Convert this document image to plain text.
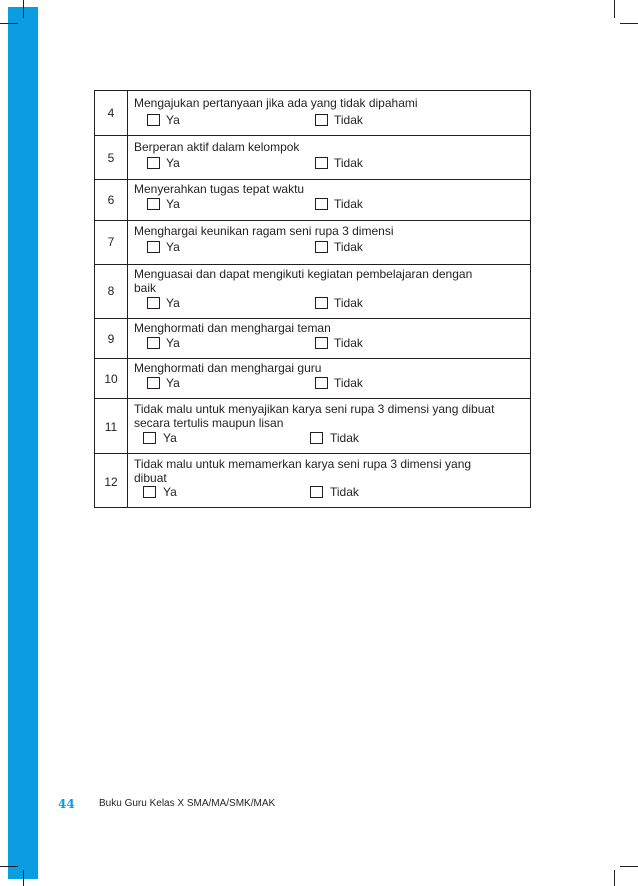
4
Mengajukan pertanyaan jika ada yang tidak dipahami
Ya	Tidak
5
Berperan aktif dalam kelompok
Ya	Tidak
6
Menyerahkan tugas tepat waktu
Ya	Tidak
7
Menghargai keunikan ragam seni rupa 3 dimensi
Ya	Tidak
8
Menguasai dan dapat mengikuti kegiatan pembelajaran dengan
baik
Ya	Tidak
9
Menghormati dan menghargai teman
Ya	Tidak
10
Menghormati dan menghargai guru
Ya	Tidak
11
Tidak malu untuk menyajikan karya seni rupa 3 dimensi yang dibuat
secara tertulis maupun lisan
Ya	Tidak
12
Tidak malu untuk memamerkan karya seni rupa 3 dimensi yang
dibuat
Ya	Tidak
44 Buku Guru Kelas X SMA/MA/SMK/MAK
